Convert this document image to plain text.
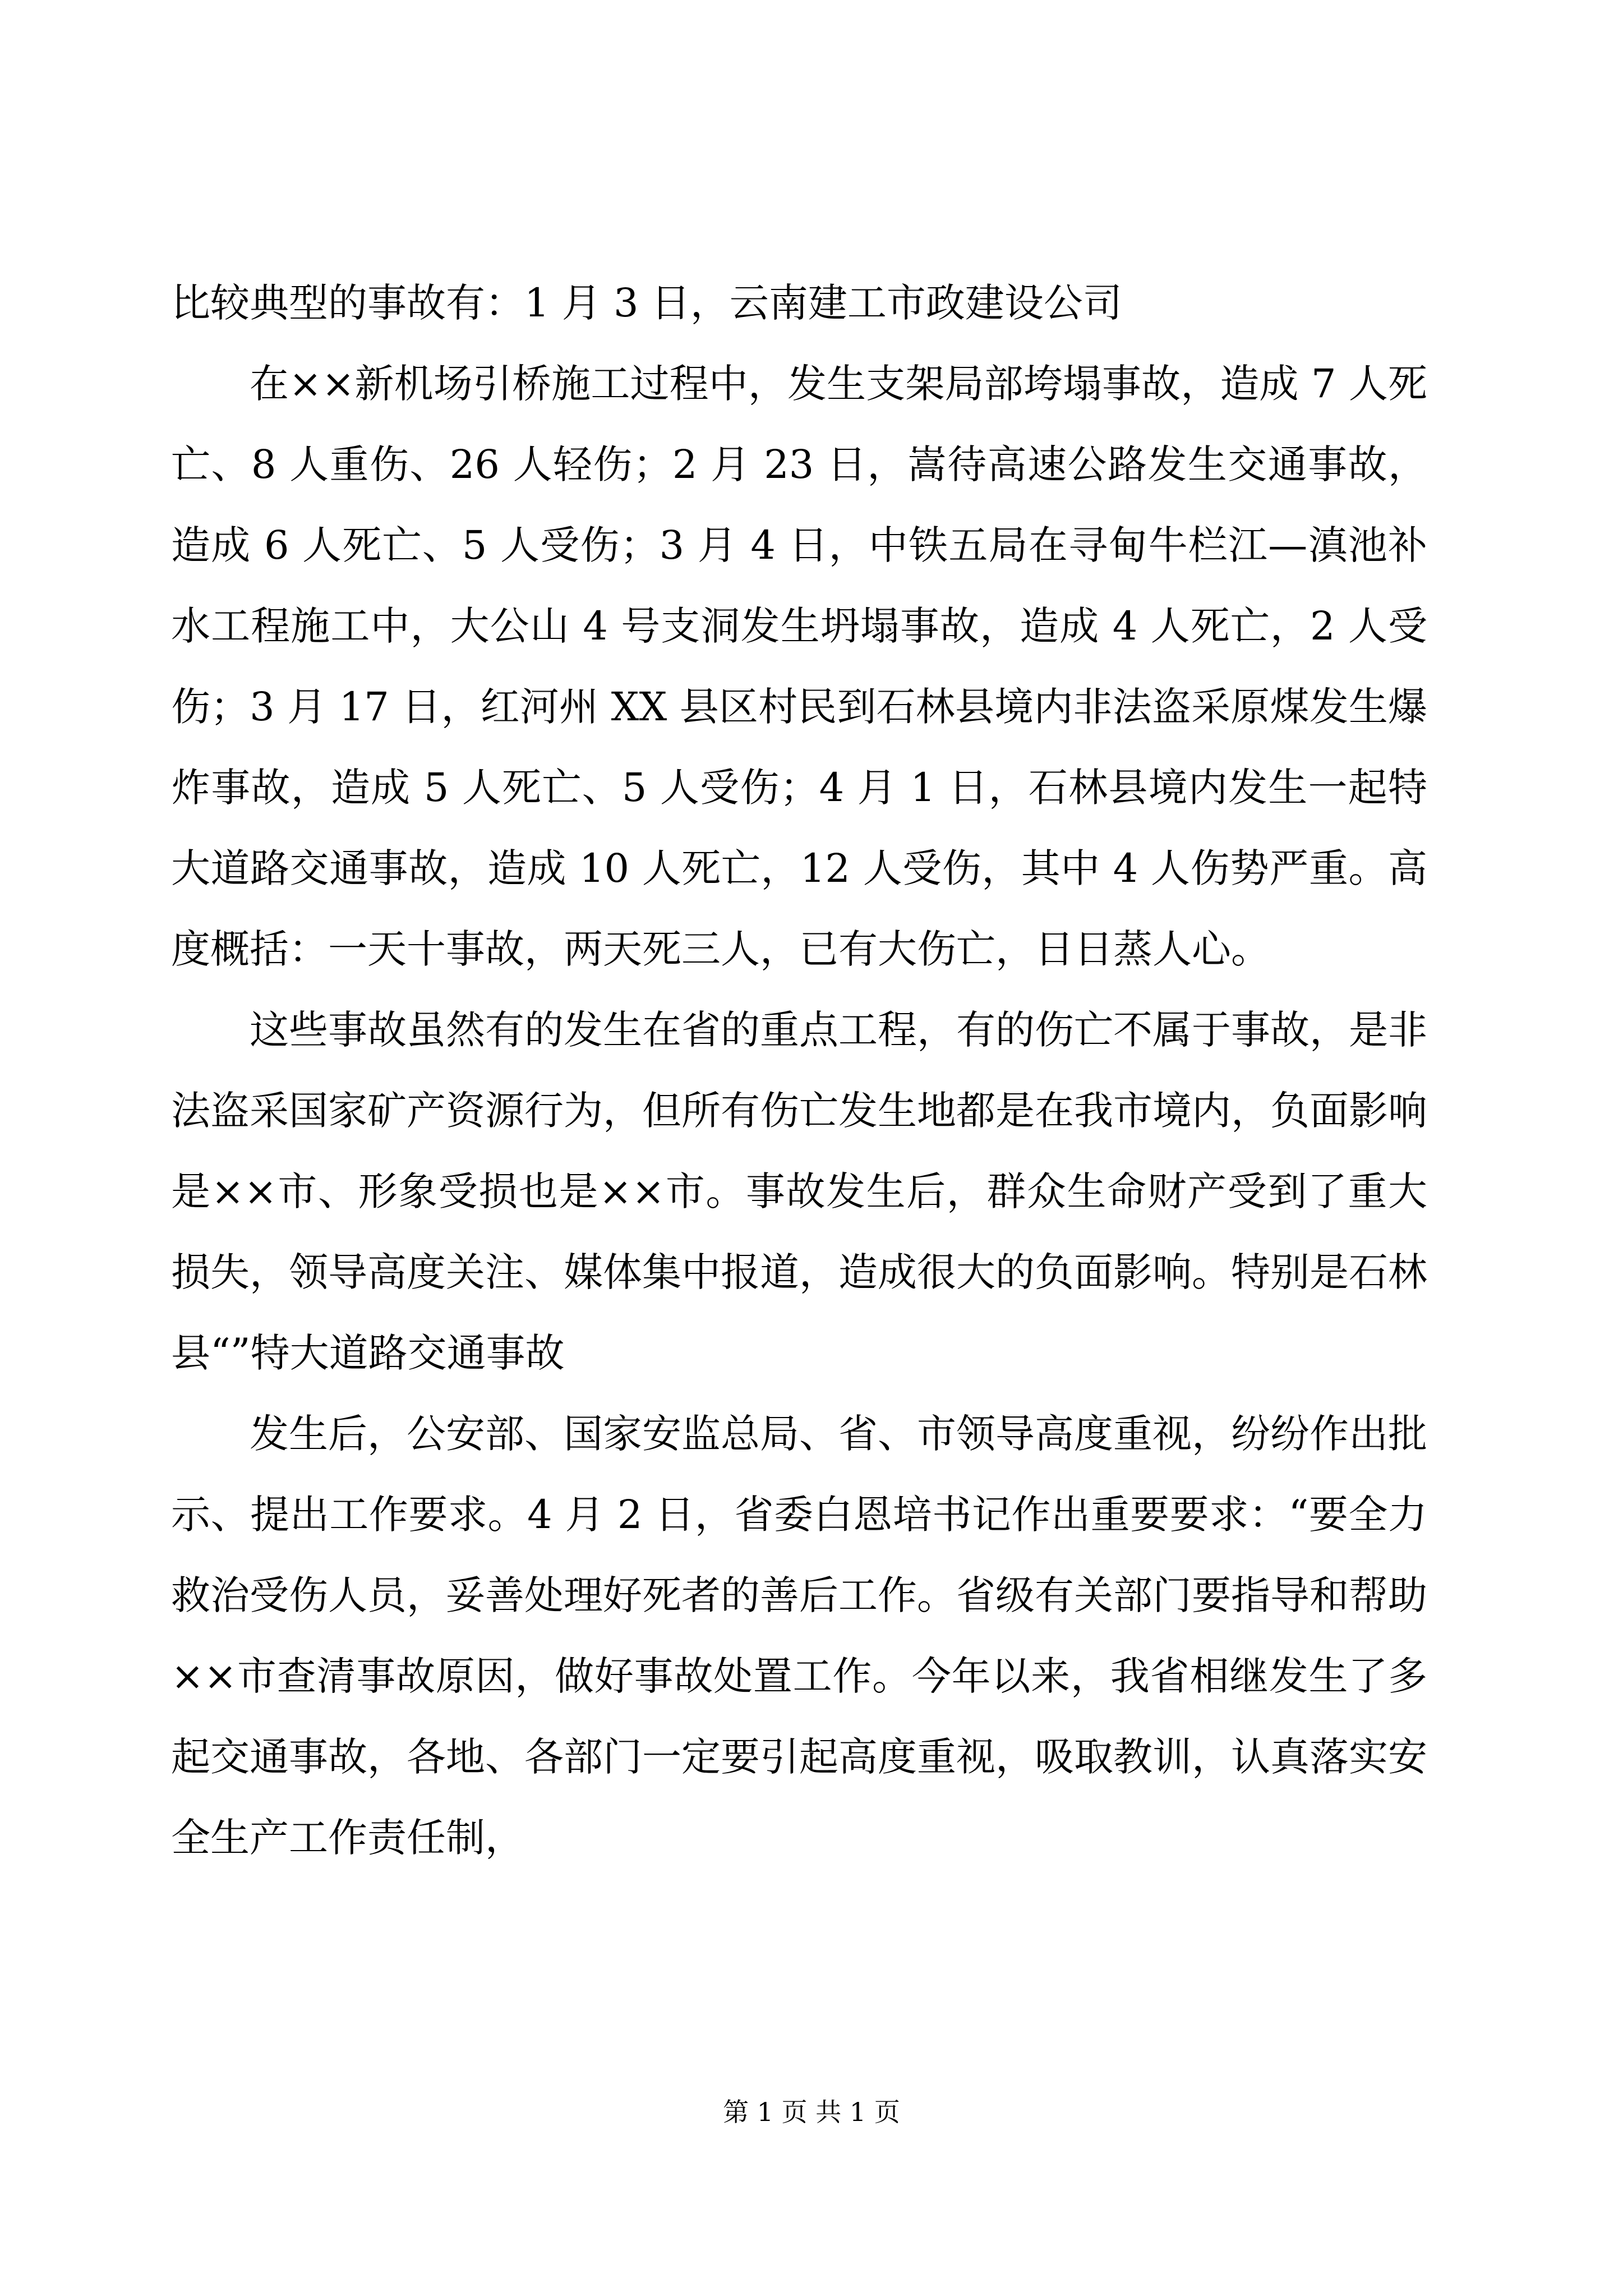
比较典型的事故有：1 月 3 日，云南建工市政建设公司

在××新机场引桥施工过程中，发生支架局部垮塌事故，造成 7 人死亡、8 人重伤、26 人轻伤；2 月 23 日，嵩待高速公路发生交通事故，造成 6 人死亡、5 人受伤；3 月 4 日，中铁五局在寻甸牛栏江—滇池补水工程施工中，大公山 4 号支洞发生坍塌事故，造成 4 人死亡，2 人受伤；3 月 17 日，红河州 XX 县区村民到石林县境内非法盗采原煤发生爆炸事故，造成 5 人死亡、5 人受伤；4 月 1 日，石林县境内发生一起特大道路交通事故，造成 10 人死亡，12 人受伤，其中 4 人伤势严重。高度概括：一天十事故，两天死三人，已有大伤亡，日日蒸人心。

这些事故虽然有的发生在省的重点工程，有的伤亡不属于事故，是非法盗采国家矿产资源行为，但所有伤亡发生地都是在我市境内，负面影响是××市、形象受损也是××市。事故发生后，群众生命财产受到了重大损失，领导高度关注、媒体集中报道，造成很大的负面影响。特别是石林县“”特大道路交通事故

发生后，公安部、国家安监总局、省、市领导高度重视，纷纷作出批示、提出工作要求。4 月 2 日，省委白恩培书记作出重要要求：“要全力救治受伤人员，妥善处理好死者的善后工作。省级有关部门要指导和帮助××市查清事故原因，做好事故处置工作。今年以来，我省相继发生了多起交通事故，各地、各部门一定要引起高度重视，吸取教训，认真落实安全生产工作责任制，

第 1 页 共 1 页
